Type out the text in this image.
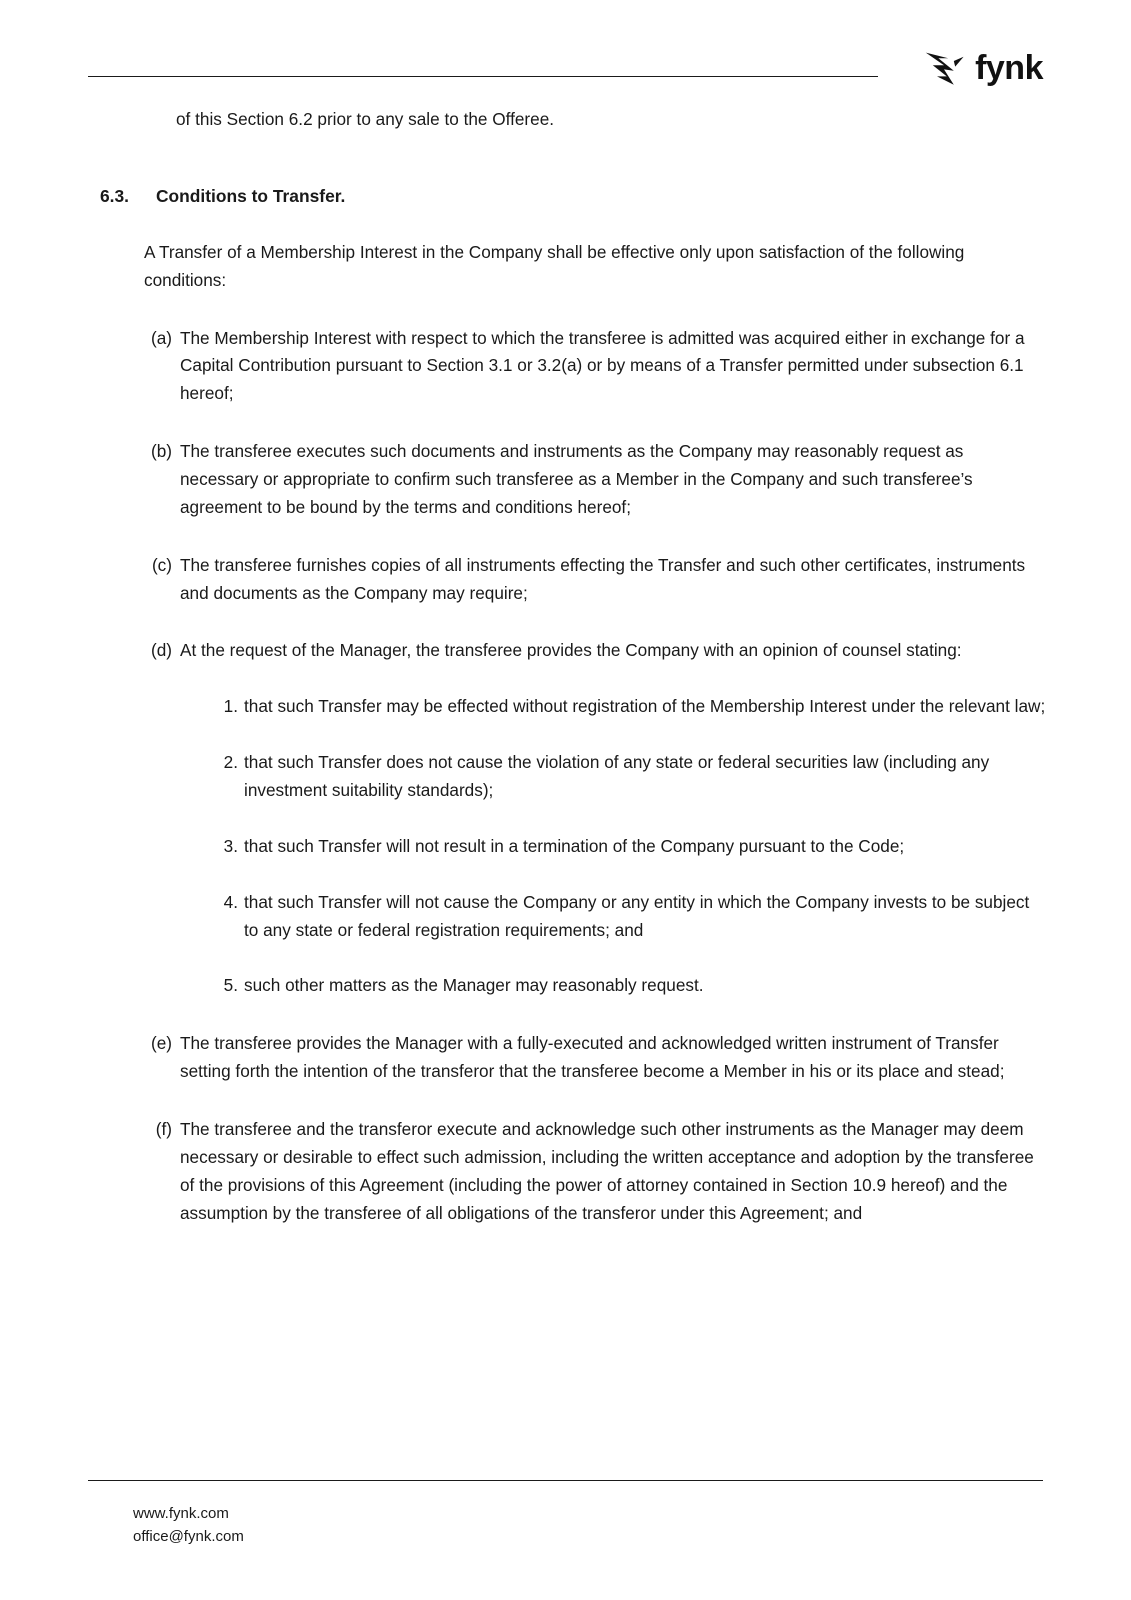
fynk

of this Section 6.2 prior to any sale to the Offeree.

6.3.	Conditions to Transfer.

A Transfer of a Membership Interest in the Company shall be effective only upon satisfaction of the following conditions:

(a) The Membership Interest with respect to which the transferee is admitted was acquired either in exchange for a Capital Contribution pursuant to Section 3.1 or 3.2(a) or by means of a Transfer permitted under subsection 6.1 hereof;
(b) The transferee executes such documents and instruments as the Company may reasonably request as necessary or appropriate to confirm such transferee as a Member in the Company and such transferee’s agreement to be bound by the terms and conditions hereof;
(c) The transferee furnishes copies of all instruments effecting the Transfer and such other certificates, instruments and documents as the Company may require;
(d) At the request of the Manager, the transferee provides the Company with an opinion of counsel stating:
1. that such Transfer may be effected without registration of the Membership Interest under the relevant law;
2. that such Transfer does not cause the violation of any state or federal securities law (including any investment suitability standards);
3. that such Transfer will not result in a termination of the Company pursuant to the Code;
4. that such Transfer will not cause the Company or any entity in which the Company invests to be subject to any state or federal registration requirements; and
5. such other matters as the Manager may reasonably request.
(e) The transferee provides the Manager with a fully-executed and acknowledged written instrument of Transfer setting forth the intention of the transferor that the transferee become a Member in his or its place and stead;
(f) The transferee and the transferor execute and acknowledge such other instruments as the Manager may deem necessary or desirable to effect such admission, including the written acceptance and adoption by the transferee of the provisions of this Agreement (including the power of attorney contained in Section 10.9 hereof) and the assumption by the transferee of all obligations of the transferor under this Agreement; and
www.fynk.com
office@fynk.com
